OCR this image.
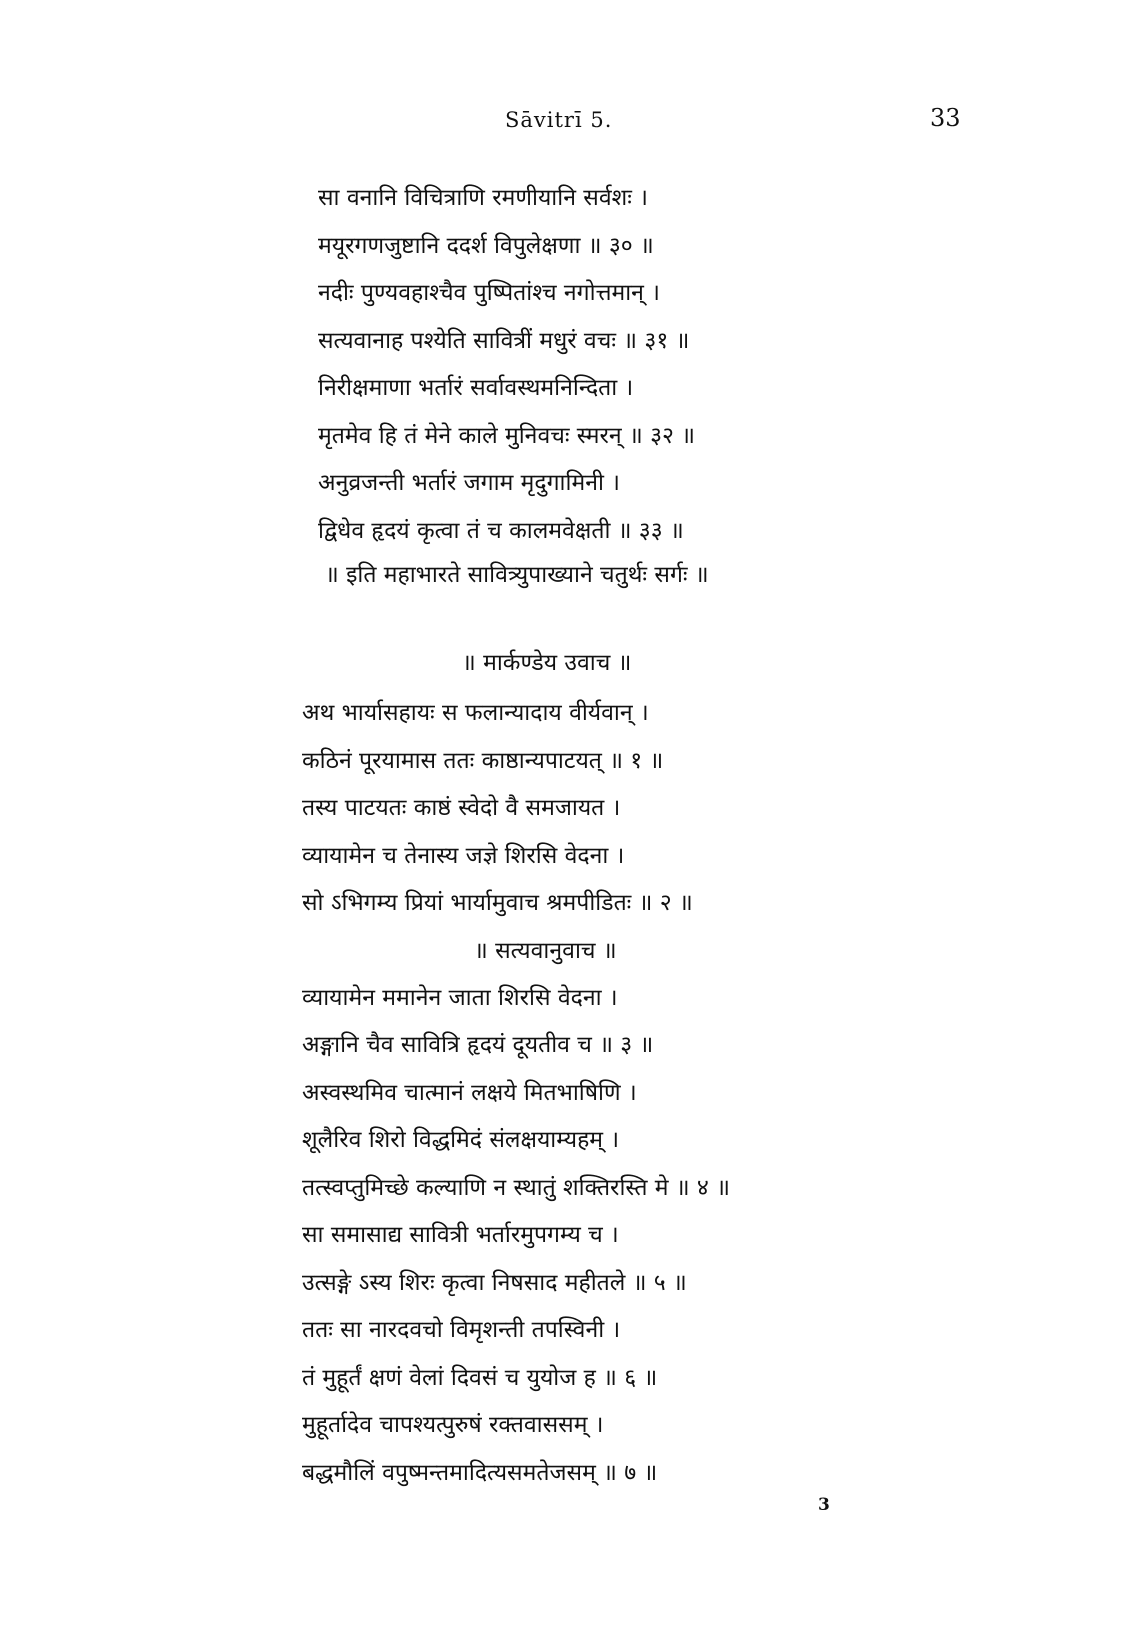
Sāvitrī 5.	33
सा वनानि विचित्राणि रमणीयानि सर्वशः ।
मयूरगणजुष्टानि ददर्श विपुलेक्षणा ॥ ३० ॥
नदीः पुण्यवहाश्चैव पुष्पितांश्च नगोत्तमान् ।
सत्यवानाह पश्येति सावित्रीं मधुरं वचः ॥ ३१ ॥
निरीक्षमाणा भर्तारं सर्वावस्थमनिन्दिता ।
मृतमेव हि तं मेने काले मुनिवचः स्मरन् ॥ ३२ ॥
अनुव्रजन्ती भर्तारं जगाम मृदुगामिनी ।
द्विधेव हृदयं कृत्वा तं च कालमवेक्षती ॥ ३३ ॥
॥ इति महाभारते सावित्र्युपाख्याने चतुर्थः सर्गः ॥
॥ मार्कण्डेय उवाच ॥
अथ भार्यासहायः स फलान्यादाय वीर्यवान् ।
कठिनं पूरयामास ततः काष्ठान्यपाटयत् ॥ १ ॥
तस्य पाटयतः काष्ठं स्वेदो वै समजायत ।
व्यायामेन च तेनास्य जज्ञे शिरसि वेदना ।
सो ऽभिगम्य प्रियां भार्यामुवाच श्रमपीडितः ॥ २ ॥
॥ सत्यवानुवाच ॥
व्यायामेन ममानेन जाता शिरसि वेदना ।
अङ्गानि चैव सावित्रि हृदयं दूयतीव च ॥ ३ ॥
अस्वस्थमिव चात्मानं लक्षये मितभाषिणि ।
शूलैरिव शिरो विद्धमिदं संलक्षयाम्यहम् ।
तत्स्वप्तुमिच्छे कल्याणि न स्थातुं शक्तिरस्ति मे ॥ ४ ॥
सा समासाद्य सावित्री भर्तारमुपगम्य च ।
उत्सङ्गे ऽस्य शिरः कृत्वा निषसाद महीतले ॥ ५ ॥
ततः सा नारदवचो विमृशन्ती तपस्विनी ।
तं मुहूर्तं क्षणं वेलां दिवसं च युयोज ह ॥ ६ ॥
मुहूर्तादेव चापश्यत्पुरुषं रक्तवाससम् ।
बद्धमौलिं वपुष्मन्तमादित्यसमतेजसम् ॥ ७ ॥
3
